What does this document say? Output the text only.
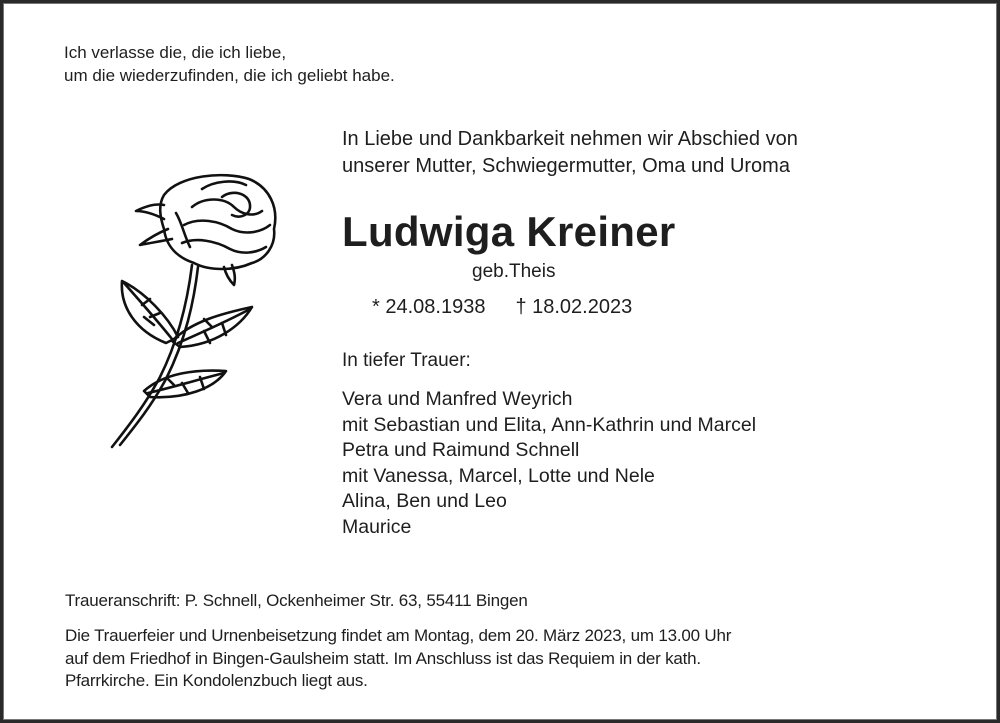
Ich verlasse die, die ich liebe,
um die wiederzufinden, die ich geliebt habe.
In Liebe und Dankbarkeit nehmen wir Abschied von
unserer Mutter, Schwiegermutter, Oma und Uroma
Ludwiga Kreiner
geb.Theis
* 24.08.1938 † 18.02.2023
In tiefer Trauer:
Vera und Manfred Weyrich
mit Sebastian und Elita, Ann-Kathrin und Marcel
Petra und Raimund Schnell
mit Vanessa, Marcel, Lotte und Nele
Alina, Ben und Leo
Maurice
Traueranschrift: P. Schnell, Ockenheimer Str. 63, 55411 Bingen
Die Trauerfeier und Urnenbeisetzung findet am Montag, dem 20. März 2023, um 13.00 Uhr
auf dem Friedhof in Bingen-Gaulsheim statt. Im Anschluss ist das Requiem in der kath.
Pfarrkirche. Ein Kondolenzbuch liegt aus.
